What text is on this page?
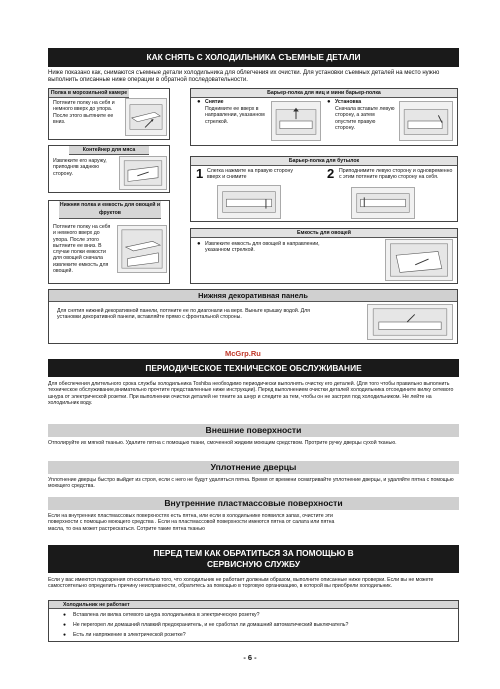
КАК СНЯТЬ С ХОЛОДИЛЬНИКА СЪЕМНЫЕ ДЕТАЛИ
Ниже показано как, снимаются съемные детали холодильника для облегчения их очистки. Для установки съемных деталей на место нужно выполнить описанные ниже операции в обратной последовательности.
Полка в морозильной камере
Потяните полку на себя и немного вверх до упора. После этого вытяните ее вниз.
Контейнер для мяса
Извлеките его наружу, приподняв заднюю сторону.
Нижняя полка и емкость для овощей и фруктов
Потяните полку на себя и немного вверх до упора. После этого вытяните ее вниз. В случае полки емкости для овощей сначала извлеките емкость для овощей.
Барьер-полка для яиц и мини барьер-полка
● Снятие
Поднимите ее вверх в направлении, указанном стрелкой.
● Установка
Сначала вставьте левую сторону, а затем опустите правую сторону.
Барьер-полка для бутылок
1 Слегка нажмите на правую сторону вверх и снимите	2 Приподнимите левую сторону и одновременно с этим потяните правую сторону на себя.
Емкость для овощей
● Извлеките емкость для овощей в направлении, указанном стрелкой.
Нижняя декоративная панель
Для снятия нижней декоративной панели, потяните ее по диагонали на верх. Выньте крышку водой. Для установки декоративной панели, вставляйте прямо с фронтальной стороны.
McGrp.Ru
ПЕРИОДИЧЕСКОЕ ТЕХНИЧЕСКОЕ ОБСЛУЖИВАНИЕ
Для обеспечения длительного срока службы холодильника Toshiba необходимо периодически выполнять очистку его деталей. (Для того чтобы правильно выполнить техническое обслуживание,внимательно прочтите представленные ниже инструкции). Перед выполнением очистки деталей холодильника отсоедините вилку сетевого шнура от электрической розетки. При выполнении очистки деталей не тяните за шнур и следите за тем, чтобы он не застрял под холодильником. Не лейте на холодильник воду.
Внешние поверхности
Отполируйте их мягкой тканью. Удалите пятна с помощью ткани, смоченной жидким моющим средством. Протрите ручку дверцы сухой тканью.
Уплотнение дверцы
Уплотнение дверцы быстро выйдет из строя, если с него не будут удаляться пятна. Время от времени осматривайте уплотнение дверцы, и удаляйте пятна с помощью моющего средства.
Внутренние пластмассовые поверхности
Если на внутренних пластмассовых поверхностях есть пятна, или если в холодильнике появился запах, очистите эти поверхности с помощью моющего средства . Если на пластмассовой поверхности имеются пятна от салата или пятна масла, то она может растрескаться. Сотрите такие пятна тканью
ПЕРЕД ТЕМ КАК ОБРАТИТЬСЯ ЗА ПОМОЩЬЮ В
СЕРВИСНУЮ СЛУЖБУ
Если у вас имеются подозрения относительно того, что холодильник не работает должным образом, выполните описанные ниже проверки. Если вы не можете самостоятельно определить причину неисправности, обратитесь за помощью в торговую организацию, в которой вы приобрели холодильник.
Холодильник не работает
● Вставлена ли вилка сетевого шнура холодильника в электрическую розетку?
● Не перегорел ли домашний плавкий предохранитель, и не сработал ли домашний автоматический выключатель?
● Есть ли напряжение в электрической розетке?
- 6 -
